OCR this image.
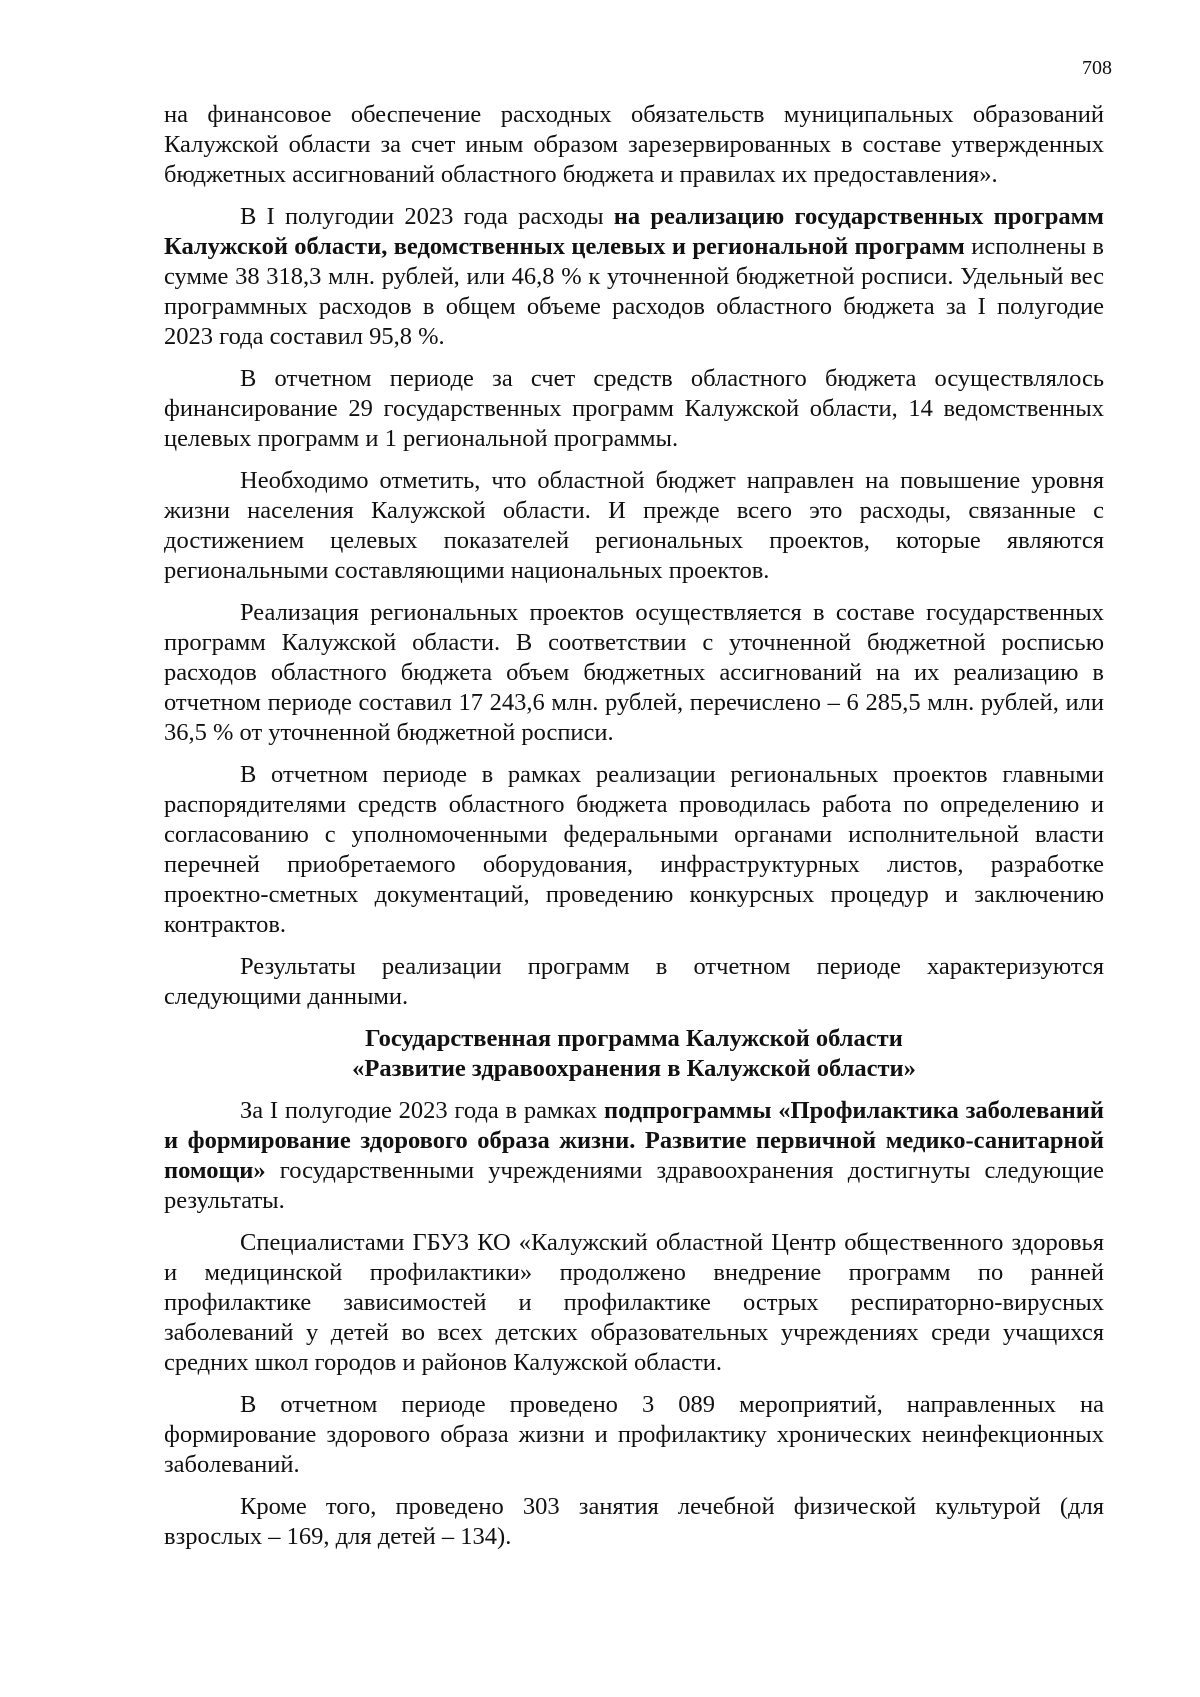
708

на финансовое обеспечение расходных обязательств муниципальных образований Калужской области за счет иным образом зарезервированных в составе утвержденных бюджетных ассигнований областного бюджета и правилах их предоставления».

В I полугодии 2023 года расходы на реализацию государственных программ Калужской области, ведомственных целевых и региональной программ исполнены в сумме 38 318,3 млн. рублей, или 46,8 % к уточненной бюджетной росписи. Удельный вес программных расходов в общем объеме расходов областного бюджета за I полугодие 2023 года составил 95,8 %.

В отчетном периоде за счет средств областного бюджета осуществлялось финансирование 29 государственных программ Калужской области, 14 ведомственных целевых программ и 1 региональной программы.

Необходимо отметить, что областной бюджет направлен на повышение уровня жизни населения Калужской области. И прежде всего это расходы, связанные с достижением целевых показателей региональных проектов, которые являются региональными составляющими национальных проектов.

Реализация региональных проектов осуществляется в составе государственных программ Калужской области. В соответствии с уточненной бюджетной росписью расходов областного бюджета объем бюджетных ассигнований на их реализацию в отчетном периоде составил 17 243,6 млн. рублей, перечислено – 6 285,5 млн. рублей, или 36,5 % от уточненной бюджетной росписи.

В отчетном периоде в рамках реализации региональных проектов главными распорядителями средств областного бюджета проводилась работа по определению и согласованию с уполномоченными федеральными органами исполнительной власти перечней приобретаемого оборудования, инфраструктурных листов, разработке проектно-сметных документаций, проведению конкурсных процедур и заключению контрактов.

Результаты реализации программ в отчетном периоде характеризуются следующими данными.

Государственная программа Калужской области
«Развитие здравоохранения в Калужской области»

За I полугодие 2023 года в рамках подпрограммы «Профилактика заболеваний и формирование здорового образа жизни. Развитие первичной медико-санитарной помощи» государственными учреждениями здравоохранения достигнуты следующие результаты.

Специалистами ГБУЗ КО «Калужский областной Центр общественного здоровья и медицинской профилактики» продолжено внедрение программ по ранней профилактике зависимостей и профилактике острых респираторно-вирусных заболеваний у детей во всех детских образовательных учреждениях среди учащихся средних школ городов и районов Калужской области.

В отчетном периоде проведено 3 089 мероприятий, направленных на формирование здорового образа жизни и профилактику хронических неинфекционных заболеваний.

Кроме того, проведено 303 занятия лечебной физической культурой (для взрослых – 169, для детей – 134).
